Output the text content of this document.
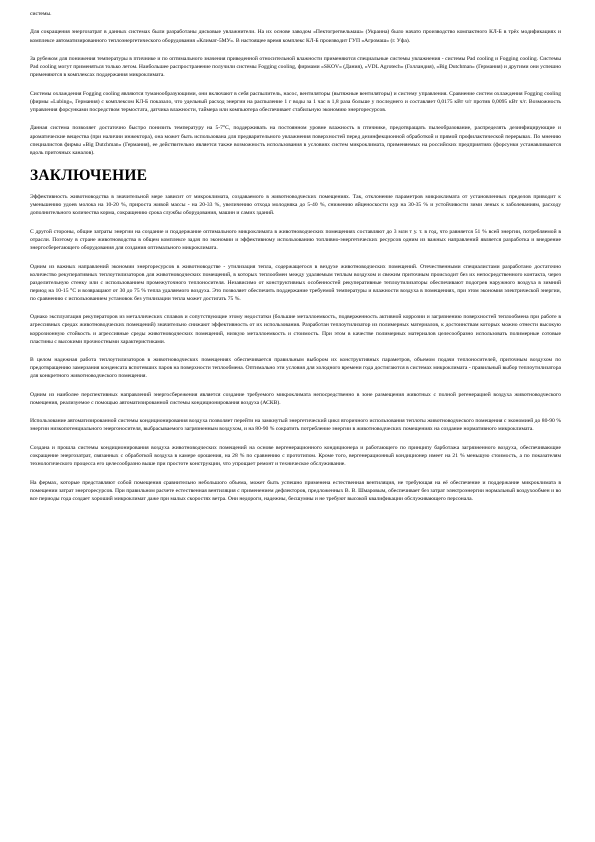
системы.

Для сокращения энергозатрат в данных системах были разработаны дисковые увлажнители. На их основе заводом «Пектогрегвельмаш» (Украина) было начато производство компактного КЛ-Б в трёх модификациях и комплексе автоматизированного теплоэнергетического оборудования «Климат-5МУ». В настоящее время комплекс КЛ-Б производит ГУП «Агромаш» (г. Уфа).

За рубежом для понижения температуры в птичнике и по оптимального значения приведенной относительной влажности применяются специальные системы увлажнения - системы Pad cooling и Fogging cooling. Системы Pad cooling могут применяться только летом. Наибольшее распространение получили системы Fogging cooling, фирмами «SKOV» (Дания), «VDL Agrotech» (Голландия), «Big Dutchman» (Германия) и другими они успешно применяются в комплексах поддержания микроклимата.

Системы охлаждения Fogging cooling являются туманообразующими, они включают в себя распылитель, насос, вентиляторы (вытяжные вентиляторы) и систему управления. Сравнение систем охлаждения Fogging cooling (фирмы «Lubing», Германия) с комплексом КЛ-Б показало, что удельный расход энергии на распыление 1 г воды за 1 час в 1,8 раза больше у последнего и составляет 0,0175 кВт ч/г против 0,0095 кВт ч/г. Возможность управления форсунками посредством термостата, датчика влажности, таймера или компьютера обеспечивает стабильную экономию энергоресурсов.

Данная система позволяет достаточно быстро понизить температуру на 5-7°С, поддерживать на постоянном уровне влажность в птичнике, предотвращать пылеобразование, распределять дезинфицирующие и ароматические вещества (при наличии инжектора), она может быть использована для предварительного увлажнения поверхностей перед дезинфекционной обработкой и прямой профилактической перерывах. По мнению специалистов фирмы «Big Dutchman» (Германия), ее действительно является также возможность использования в условиях систем микроклимата, применяемых на российских предприятиях (форсунки устанавливаются вдоль приточных каналов).

ЗАКЛЮЧЕНИЕ

Эффективность животноводства в значительной мере зависит от микроклимата, создаваемого в животноводческих помещениях. Так, отклонение параметров микроклимата от установленных пределов приводит к уменьшению удоев молока на 10-20 %, прироста живой массы - на 20-33 %, увеличению отхода молодняка до 5-40 %, снижению яйценоскости кур на 30-35 % и устойчивости зими леных к заболеваниям, расходу дополнительного количества корма, сокращению срока службы оборудования, машин и самих зданий.

С другой стороны, общие затраты энергии на создание и поддержание оптимального микроклимата в животноводческих помещениях составляют до 3 млн т у. т. в год, что равняется 51 % всей энергии, потребляемой в отрасли. Поэтому в стране животноводства в общем комплексе задач по экономии и эффективному использованию топливно-энергетических ресурсов одним из важных направлений является разработка и внедрение энергосберегающего оборудования для создания оптимального микроклимата.

Одним из важных направлений экономии энергоресурсов в животноводстве - утилизация тепла, содержащегося в вездухе животноводческих помещений. Отечественными специалистами разработано достаточно количество рекуперативных теплоутилизаторов для животноводческих помещений, в которых теплообмен между удаляемым теплым воздухом и свежим приточным происходит без их непосредственного контакта, через разделительную стенку или с использованием промежуточного теплоносителя. Независимо от конструктивных особенностей рекуперативные теплоутилизаторы обеспечивают подогрев наружного воздуха в зимний период на 10-15 °С и возвращают от 30 до 75 % тепла удаляемого воздуха. Это позволяет обеспечить поддержание требуемой температуры и влажности воздуха в помещениях, при этом экономия электрической энергии, по сравнению с использованием установок без утилизации тепла может достигать 75 %.

Однако эксплуатация рекуператоров из металлических сплавов и сопутствующие этому недостатки (большие металлоемкость, подверженность активной коррозии и загрязнению поверхностей теплообмена при работе в агрессивных средах животноводческих помещений) значительно снижают эффективность от их использования. Разработан теплоутилизатор из полимерных материалов, к достоинствам которых можно отнести высокую коррозионную стойкость и агрессивные среды животноводческих помещений, низкую металлоемкость и стоимость. При этом в качестве полимерных материалов целесообразно использовать полимерные сотовые пластины с высокими прочностными характеристиками.

В целом надежная работа теплоутилизаторов в животноводческих помещениях обеспечивается правильным выбором их конструктивных параметров, объемом подачи теплоносителей, приточным воздухом по предотвращению замерзания конденсата вспотевших паров на поверхности теплообмена. Оптимально эти условия для холодного времени года достигаются в системах микроклимата - правильный выбор теплоутилизатора для конкретного животноводческого помещения.

Одним из наиболее перспективных направлений энергосбережения является создание требуемого микроклимата непосредственно в зоне размещения животных с полной регенерацией воздуха животноводческого помещения, реализуемое с помощью автоматизированной системы кондиционирования воздуха (АСКВ).

Использование автоматизированной системы кондиционирования воздуха позволяет перейти на замкнутый энергетический цикл вторичного использования теплоты животноводческого помещения с экономией до 80-90 % энергии низкопотенциального энергоносителя, выбрасываемого загрязненным воздухом, и на 80-90 % сократить потребление энергии в животноводческих помещениях на создание нормативного микроклимата.

Создана и прошла системы кондиционирования воздуха животноводческих помещений на основе вергенерационного кондиционера и работающего по принципу барботажа загрязненного воздуха, обеспечивающие сокращение энергозатрат, связанных с обработкой воздуха в камере орошения, на 28 % по сравнению с прототипом. Кроме того, вергенерационный кондиционер имеет на 21 % меньшую стоимость, а по показателям технологического процесса его целесообразно выше при простоте конструкции, что упрощает ремонт и техническое обслуживание.

На фермах, которые представляют собой помещения сравнительно небольшого объема, может быть успешно применена естественная вентиляция, не требующая на её обеспечение и поддержание микроклимата в помещении затрат энергоресурсов. При правильном расчете естественная вентиляция с применением дефлекторов, предложенных В. В. Шмаровым, обеспечивает без затрат электроэнергии нормальный воздухообмен и во все периоды года создает хороший микроклимат даже при малых скоростях ветра. Они недороги, надежны, бесшумны и не требуют высокой квалификации обслуживающего персонала.
